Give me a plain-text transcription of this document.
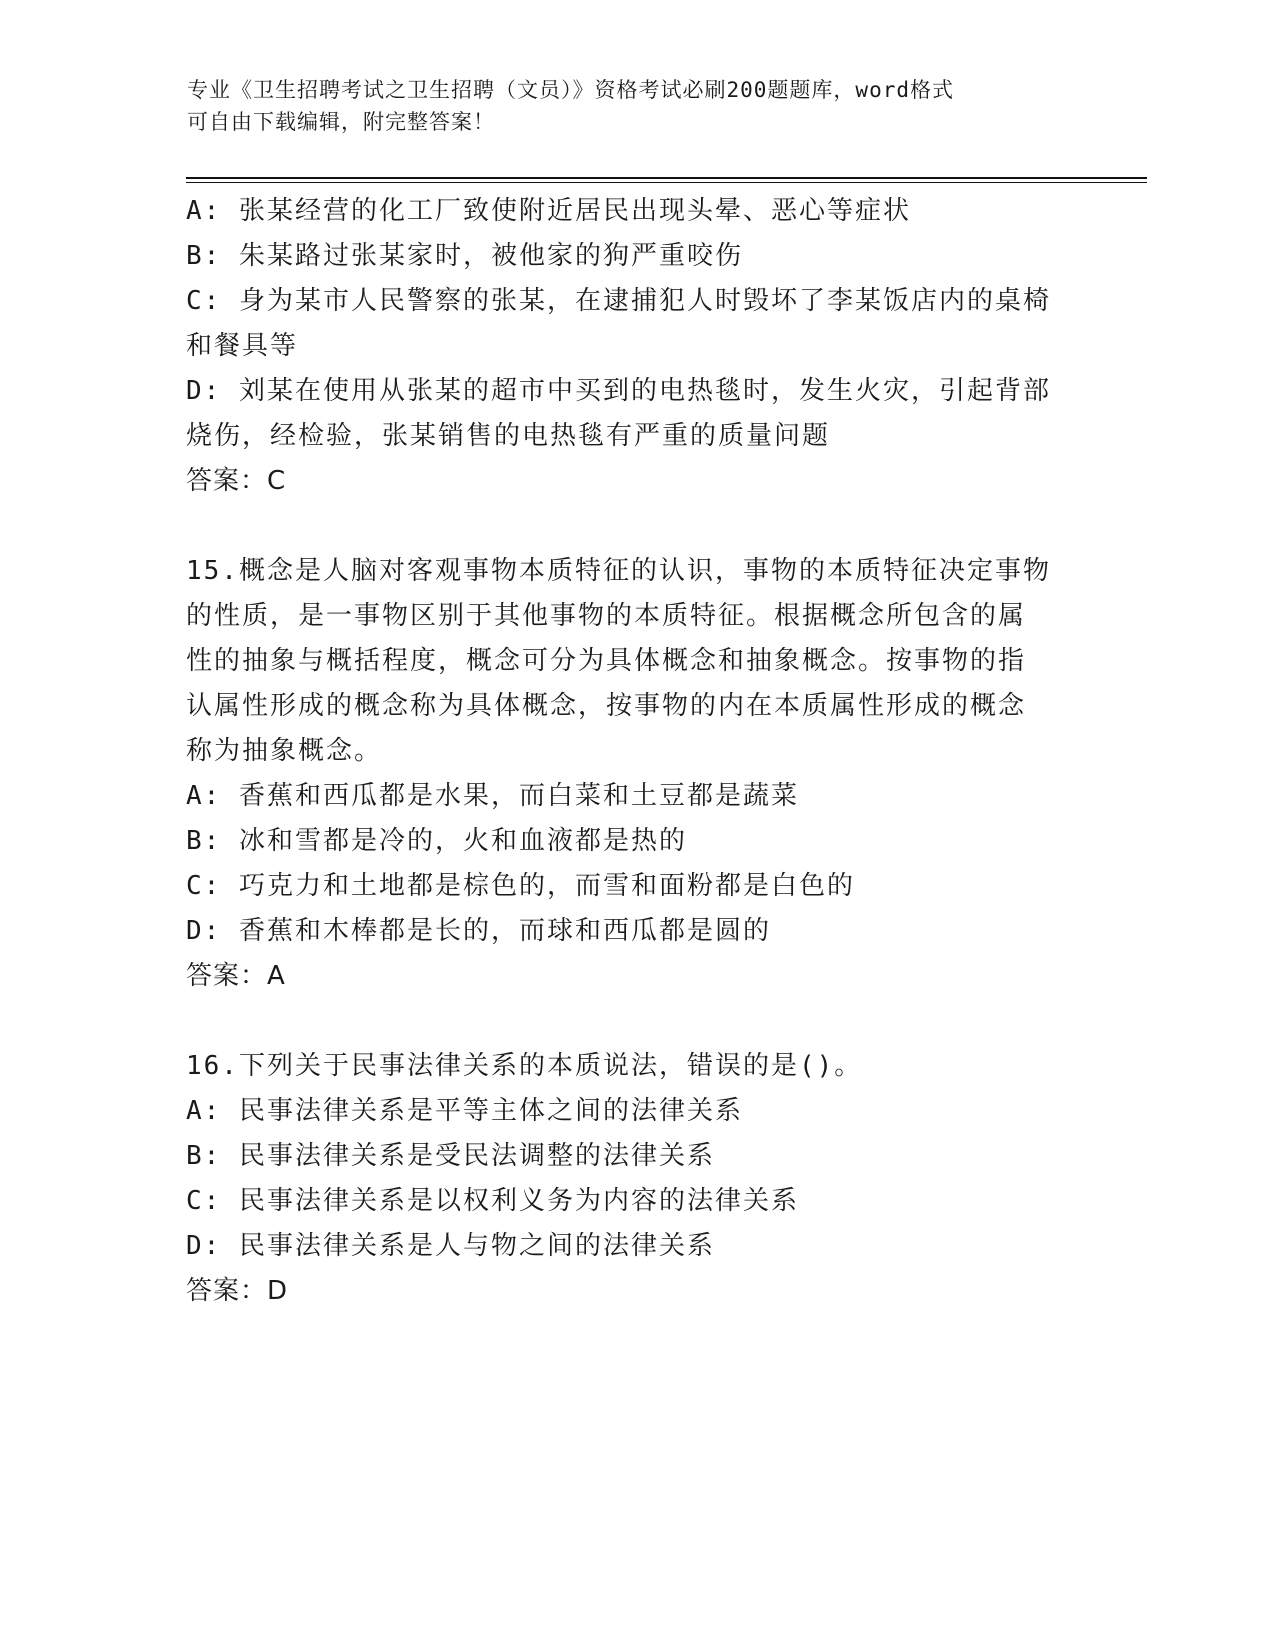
专业《卫生招聘考试之卫生招聘（文员）》资格考试必刷200题题库，word格式
可自由下载编辑，附完整答案！
A: 张某经营的化工厂致使附近居民出现头晕、恶心等症状
B: 朱某路过张某家时，被他家的狗严重咬伤
C: 身为某市人民警察的张某，在逮捕犯人时毁坏了李某饭店内的桌椅
和餐具等
D: 刘某在使用从张某的超市中买到的电热毯时，发生火灾，引起背部
烧伤，经检验，张某销售的电热毯有严重的质量问题
答案：C
15.概念是人脑对客观事物本质特征的认识，事物的本质特征决定事物
的性质，是一事物区别于其他事物的本质特征。根据概念所包含的属
性的抽象与概括程度，概念可分为具体概念和抽象概念。按事物的指
认属性形成的概念称为具体概念，按事物的内在本质属性形成的概念
称为抽象概念。
A: 香蕉和西瓜都是水果，而白菜和土豆都是蔬菜
B: 冰和雪都是冷的，火和血液都是热的
C: 巧克力和土地都是棕色的，而雪和面粉都是白色的
D: 香蕉和木棒都是长的，而球和西瓜都是圆的
答案：A
16.下列关于民事法律关系的本质说法，错误的是()。
A: 民事法律关系是平等主体之间的法律关系
B: 民事法律关系是受民法调整的法律关系
C: 民事法律关系是以权利义务为内容的法律关系
D: 民事法律关系是人与物之间的法律关系
答案：D
